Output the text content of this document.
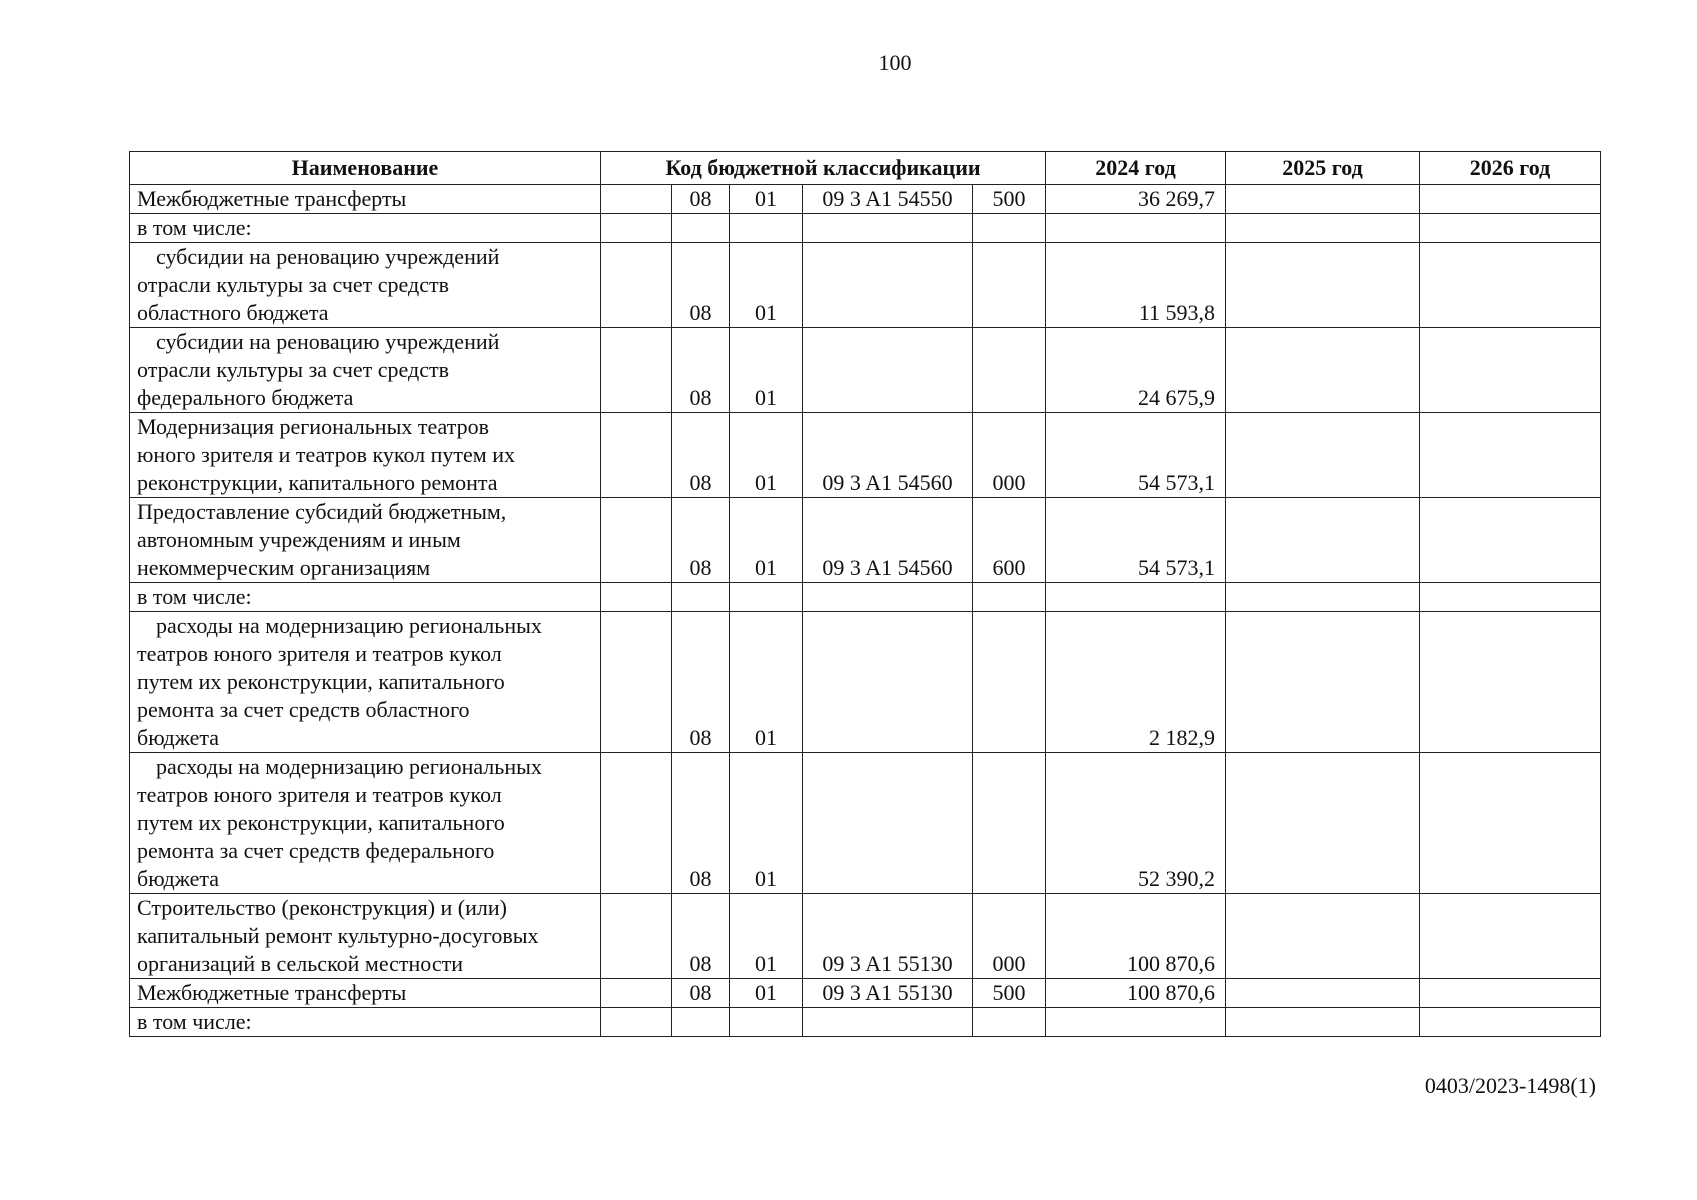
100
Наименование	Код бюджетной классификации					2024 год	2025 год	2026 год
Межбюджетные трансферты		08	01	09 3 A1 54550	500	36 269,7		
в том числе:								
субсидии на реновацию учреждений
отрасли культуры за счет средств
областного бюджета		08	01			11 593,8		
субсидии на реновацию учреждений
отрасли культуры за счет средств
федерального бюджета		08	01			24 675,9		
Модернизация региональных театров
юного зрителя и театров кукол путем их
реконструкции, капитального ремонта		08	01	09 3 A1 54560	000	54 573,1		
Предоставление субсидий бюджетным,
автономным учреждениям и иным
некоммерческим организациям		08	01	09 3 A1 54560	600	54 573,1		
в том числе:								
расходы на модернизацию региональных
театров юного зрителя и театров кукол
путем их реконструкции, капитального
ремонта за счет средств областного
бюджета		08	01			2 182,9		
расходы на модернизацию региональных
театров юного зрителя и театров кукол
путем их реконструкции, капитального
ремонта за счет средств федерального
бюджета		08	01			52 390,2		
Строительство (реконструкция) и (или)
капитальный ремонт культурно-досуговых
организаций в сельской местности		08	01	09 3 A1 55130	000	100 870,6		
Межбюджетные трансферты		08	01	09 3 A1 55130	500	100 870,6		
в том числе:								
0403/2023-1498(1)
